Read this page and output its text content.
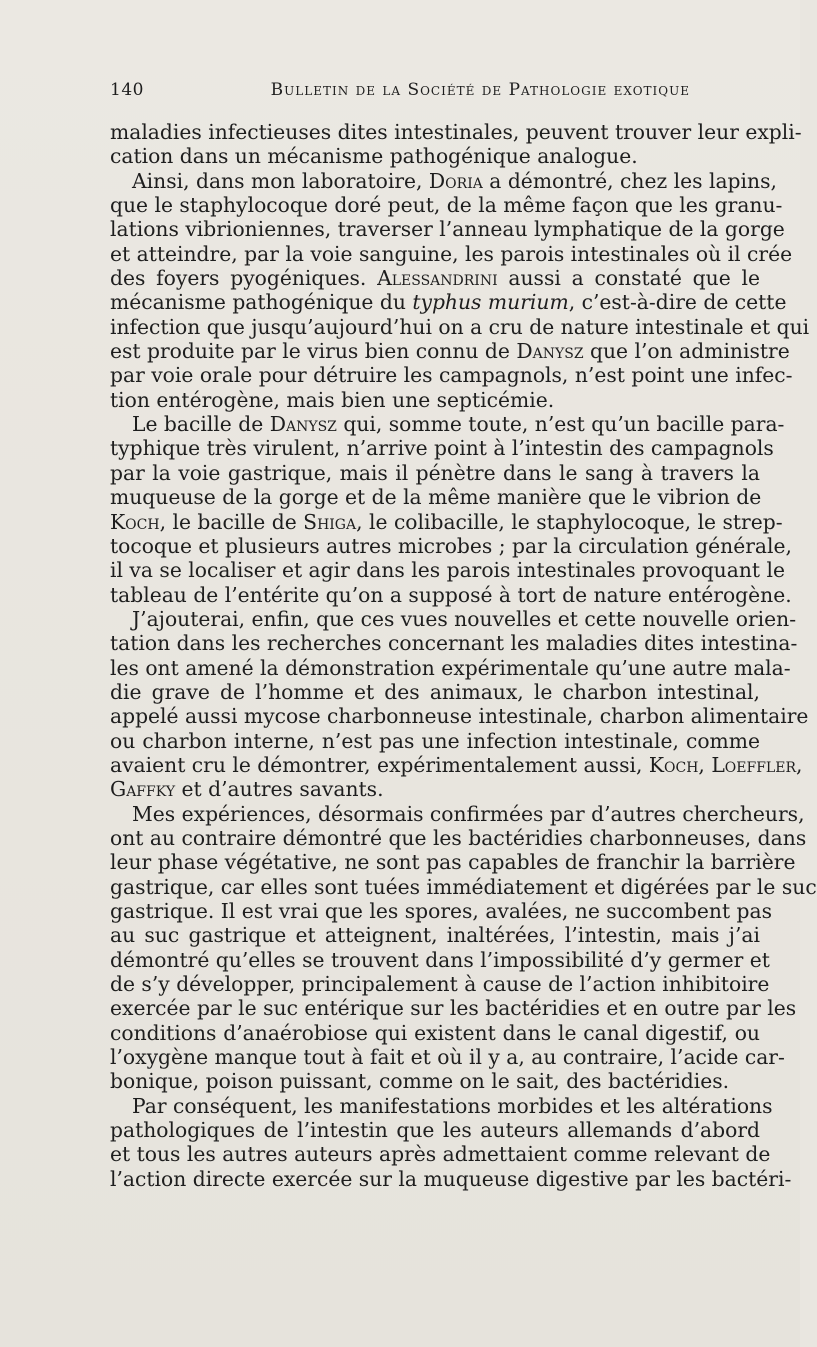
140	Bulletin de la Société de Pathologie exotique
maladies infectieuses dites intestinales, peuvent trouver leur expli-
cation dans un mécanisme pathogénique analogue.
Ainsi, dans mon laboratoire, Doria a démontré, chez les lapins,
que le staphylocoque doré peut, de la même façon que les granu-
lations vibrioniennes, traverser l’anneau lymphatique de la gorge
et atteindre, par la voie sanguine, les parois intestinales où il crée
des foyers pyogéniques. Alessandrini aussi a constaté que le
mécanisme pathogénique du typhus murium, c’est-à-dire de cette
infection que jusqu’aujourd’hui on a cru de nature intestinale et qui
est produite par le virus bien connu de Danysz que l’on administre
par voie orale pour détruire les campagnols, n’est point une infec-
tion entérogène, mais bien une septicémie.
Le bacille de Danysz qui, somme toute, n’est qu’un bacille para-
typhique très virulent, n’arrive point à l’intestin des campagnols
par la voie gastrique, mais il pénètre dans le sang à travers la
muqueuse de la gorge et de la même manière que le vibrion de
Koch, le bacille de Shiga, le colibacille, le staphylocoque, le strep-
tocoque et plusieurs autres microbes ; par la circulation générale,
il va se localiser et agir dans les parois intestinales provoquant le
tableau de l’entérite qu’on a supposé à tort de nature entérogène.
J’ajouterai, enfin, que ces vues nouvelles et cette nouvelle orien-
tation dans les recherches concernant les maladies dites intestina-
les ont amené la démonstration expérimentale qu’une autre mala-
die grave de l’homme et des animaux, le charbon intestinal,
appelé aussi mycose charbonneuse intestinale, charbon alimentaire
ou charbon interne, n’est pas une infection intestinale, comme
avaient cru le démontrer, expérimentalement aussi, Koch, Loeffler,
Gaffky et d’autres savants.
Mes expériences, désormais confirmées par d’autres chercheurs,
ont au contraire démontré que les bactéridies charbonneuses, dans
leur phase végétative, ne sont pas capables de franchir la barrière
gastrique, car elles sont tuées immédiatement et digérées par le suc
gastrique. Il est vrai que les spores, avalées, ne succombent pas
au suc gastrique et atteignent, inaltérées, l’intestin, mais j’ai
démontré qu’elles se trouvent dans l’impossibilité d’y germer et
de s’y développer, principalement à cause de l’action inhibitoire
exercée par le suc entérique sur les bactéridies et en outre par les
conditions d’anaérobiose qui existent dans le canal digestif, ou
l’oxygène manque tout à fait et où il y a, au contraire, l’acide car-
bonique, poison puissant, comme on le sait, des bactéridies.
Par conséquent, les manifestations morbides et les altérations
pathologiques de l’intestin que les auteurs allemands d’abord
et tous les autres auteurs après admettaient comme relevant de
l’action directe exercée sur la muqueuse digestive par les bactéri-
